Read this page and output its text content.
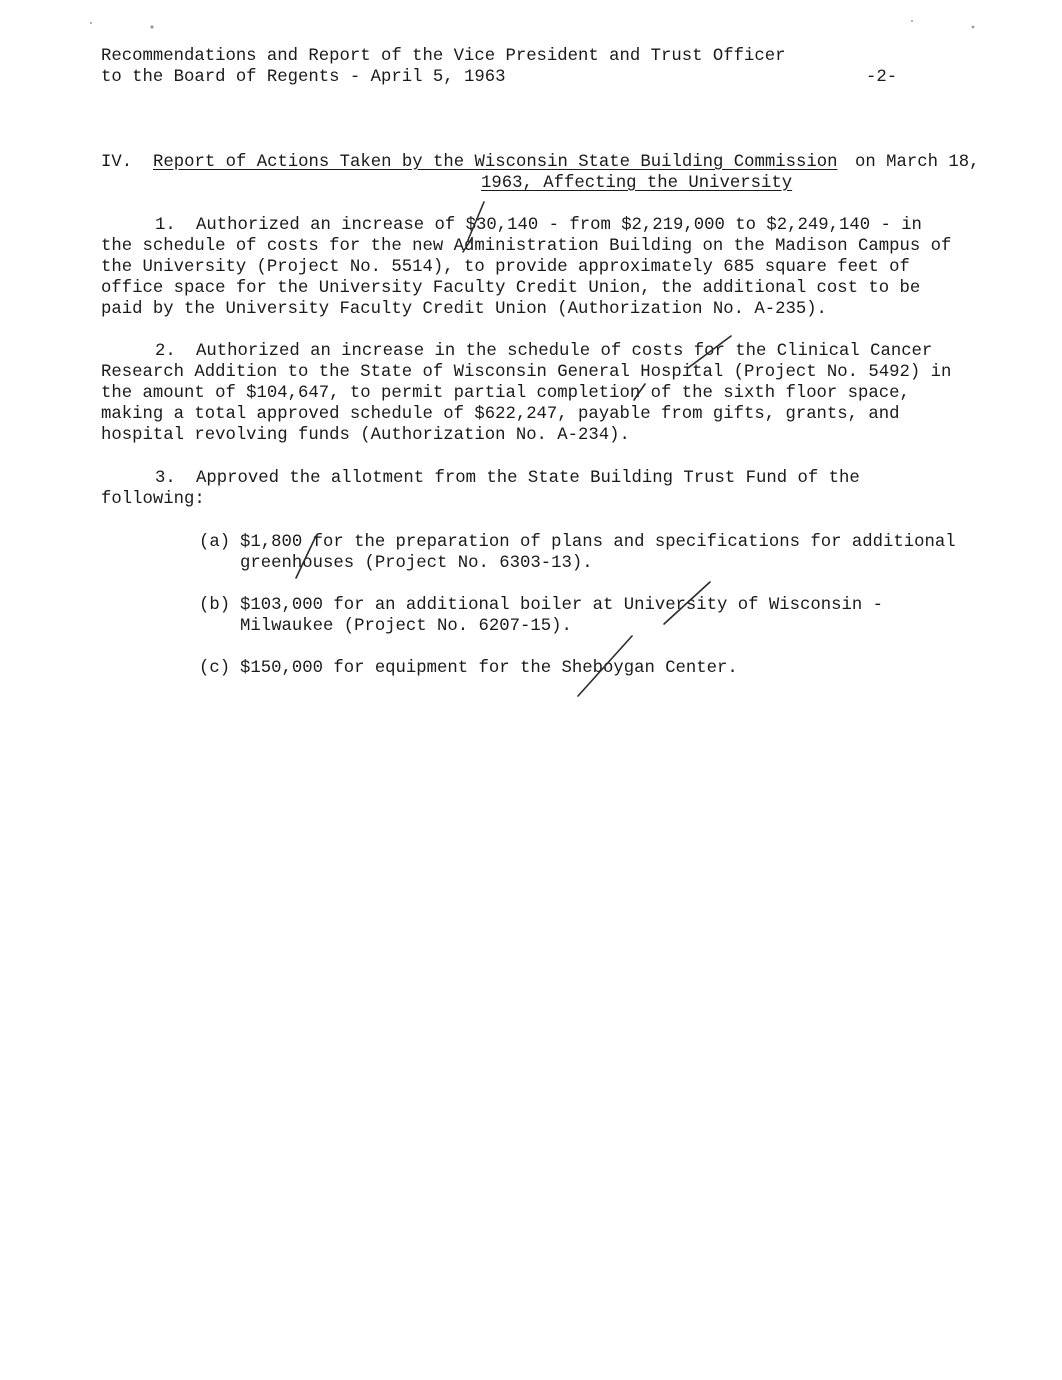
Recommendations and Report of the Vice President and Trust Officer

to the Board of Regents - April 5, 1963	-2-

IV. Report of Actions Taken by the Wisconsin State Building Commission on March 18,

1963, Affecting the University

1. Authorized an increase of $30,140 - from $2,219,000 to $2,249,140 - in

the schedule of costs for the new Administration Building on the Madison Campus of

the University (Project No. 5514), to provide approximately 685 square feet of

office space for the University Faculty Credit Union, the additional cost to be

paid by the University Faculty Credit Union (Authorization No. A-235).

2. Authorized an increase in the schedule of costs for the Clinical Cancer

Research Addition to the State of Wisconsin General Hospital (Project No. 5492) in

the amount of $104,647, to permit partial completion of the sixth floor space,

making a total approved schedule of $622,247, payable from gifts, grants, and

hospital revolving funds (Authorization No. A-234).

3. Approved the allotment from the State Building Trust Fund of the

following:

(a) $1,800 for the preparation of plans and specifications for additional

greenhouses (Project No. 6303-13).

(b) $103,000 for an additional boiler at University of Wisconsin -

Milwaukee (Project No. 6207-15).

(c) $150,000 for equipment for the Sheboygan Center.
